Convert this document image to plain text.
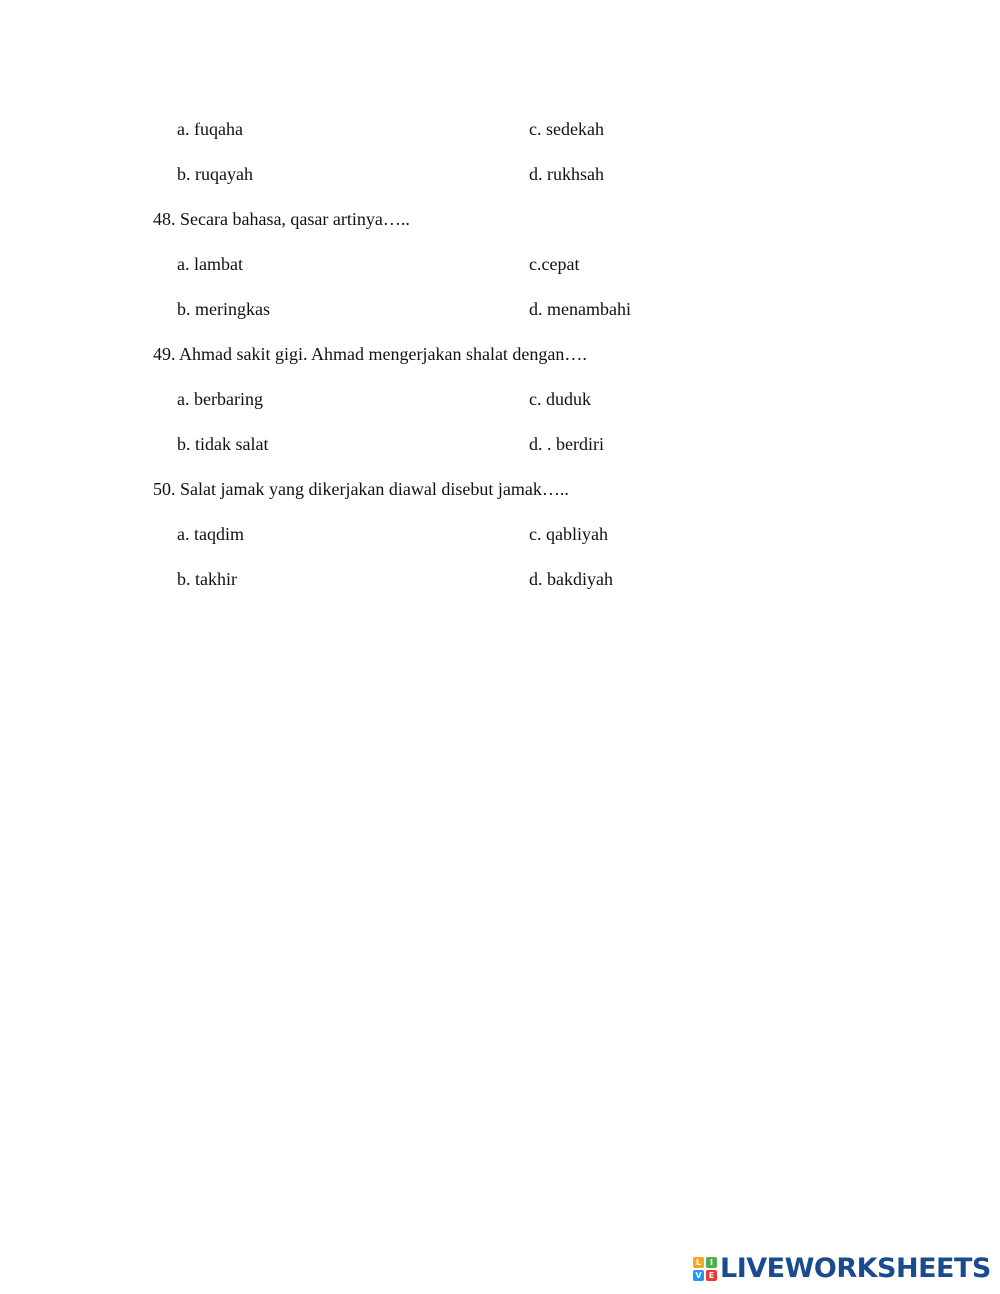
a. fuqaha	c. sedekah
b. ruqayah	d. rukhsah
48. Secara bahasa, qasar artinya…..
a. lambat	c.cepat
b. meringkas	d. menambahi
49. Ahmad sakit gigi. Ahmad mengerjakan shalat dengan….
a. berbaring	c. duduk
b. tidak salat	d. . berdiri
50. Salat jamak yang dikerjakan diawal disebut jamak…..
a. taqdim	c. qabliyah
b. takhir	d. bakdiyah
L	I
V E LIVEWORKSHEETS
